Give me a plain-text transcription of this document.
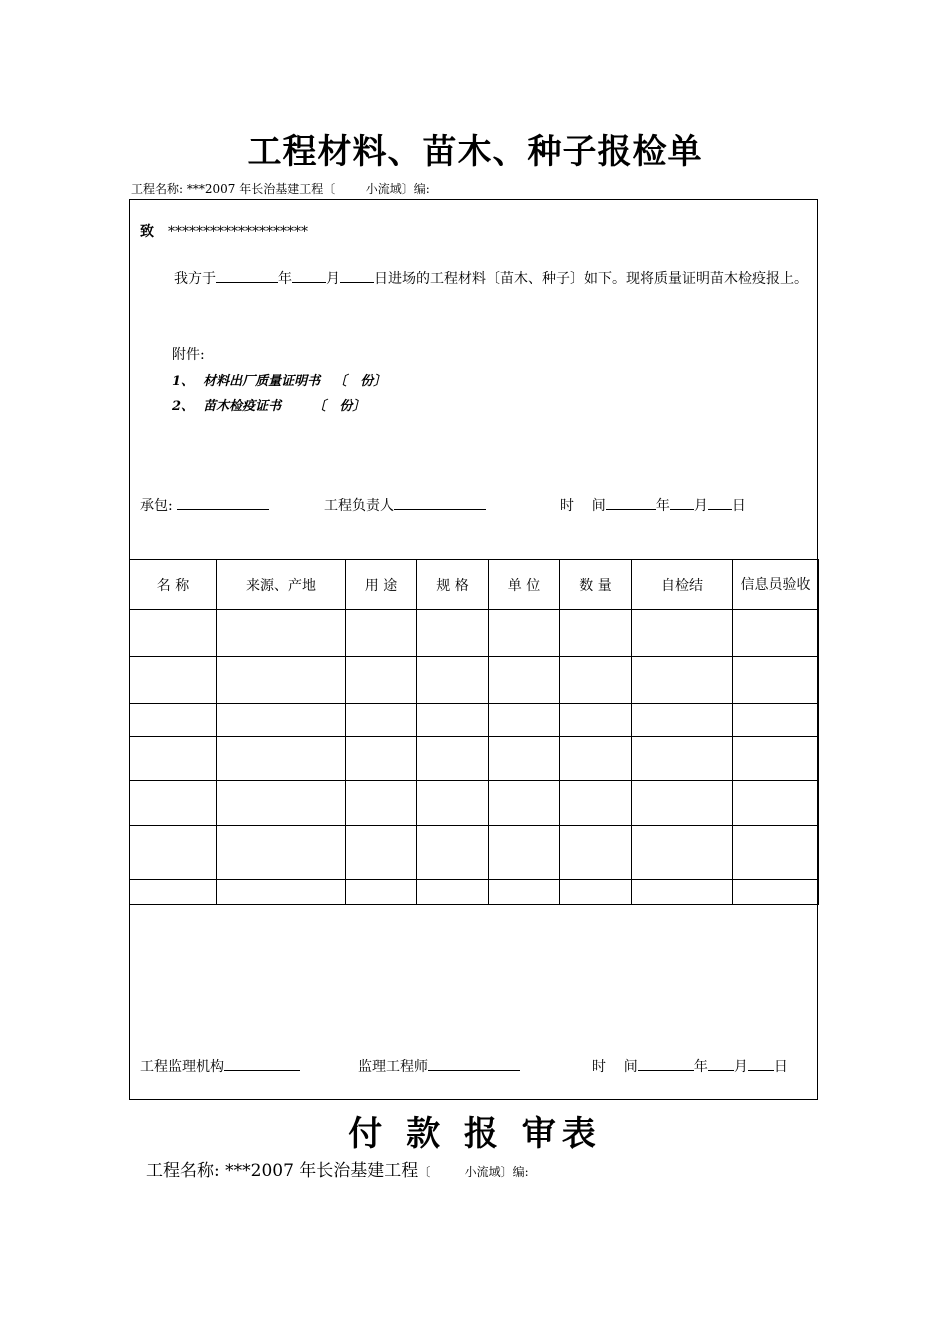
工程材料、苗木、种子报检单
工程名称: ***2007 年长治基建工程〔        小流域〕编:
致 ********************
我方于	年 月 日进场的工程材料〔苗木、种子〕如下。现将质量证明苗木检疫报上。
附件:
1、  材料出厂质量证明书   〔   份〕
2、  苗木检疫证书       〔   份〕
承包:	工程负责人	时    间	年 月 日
名 称	来源、产地	用 途	规 格	单 位	数 量	自检结	信息员验收

工程监理机构	监理工程师	时    间	年 月 日
付 款 报 审表
工程名称: ***2007 年长治基建工程〔         小流域〕编:
